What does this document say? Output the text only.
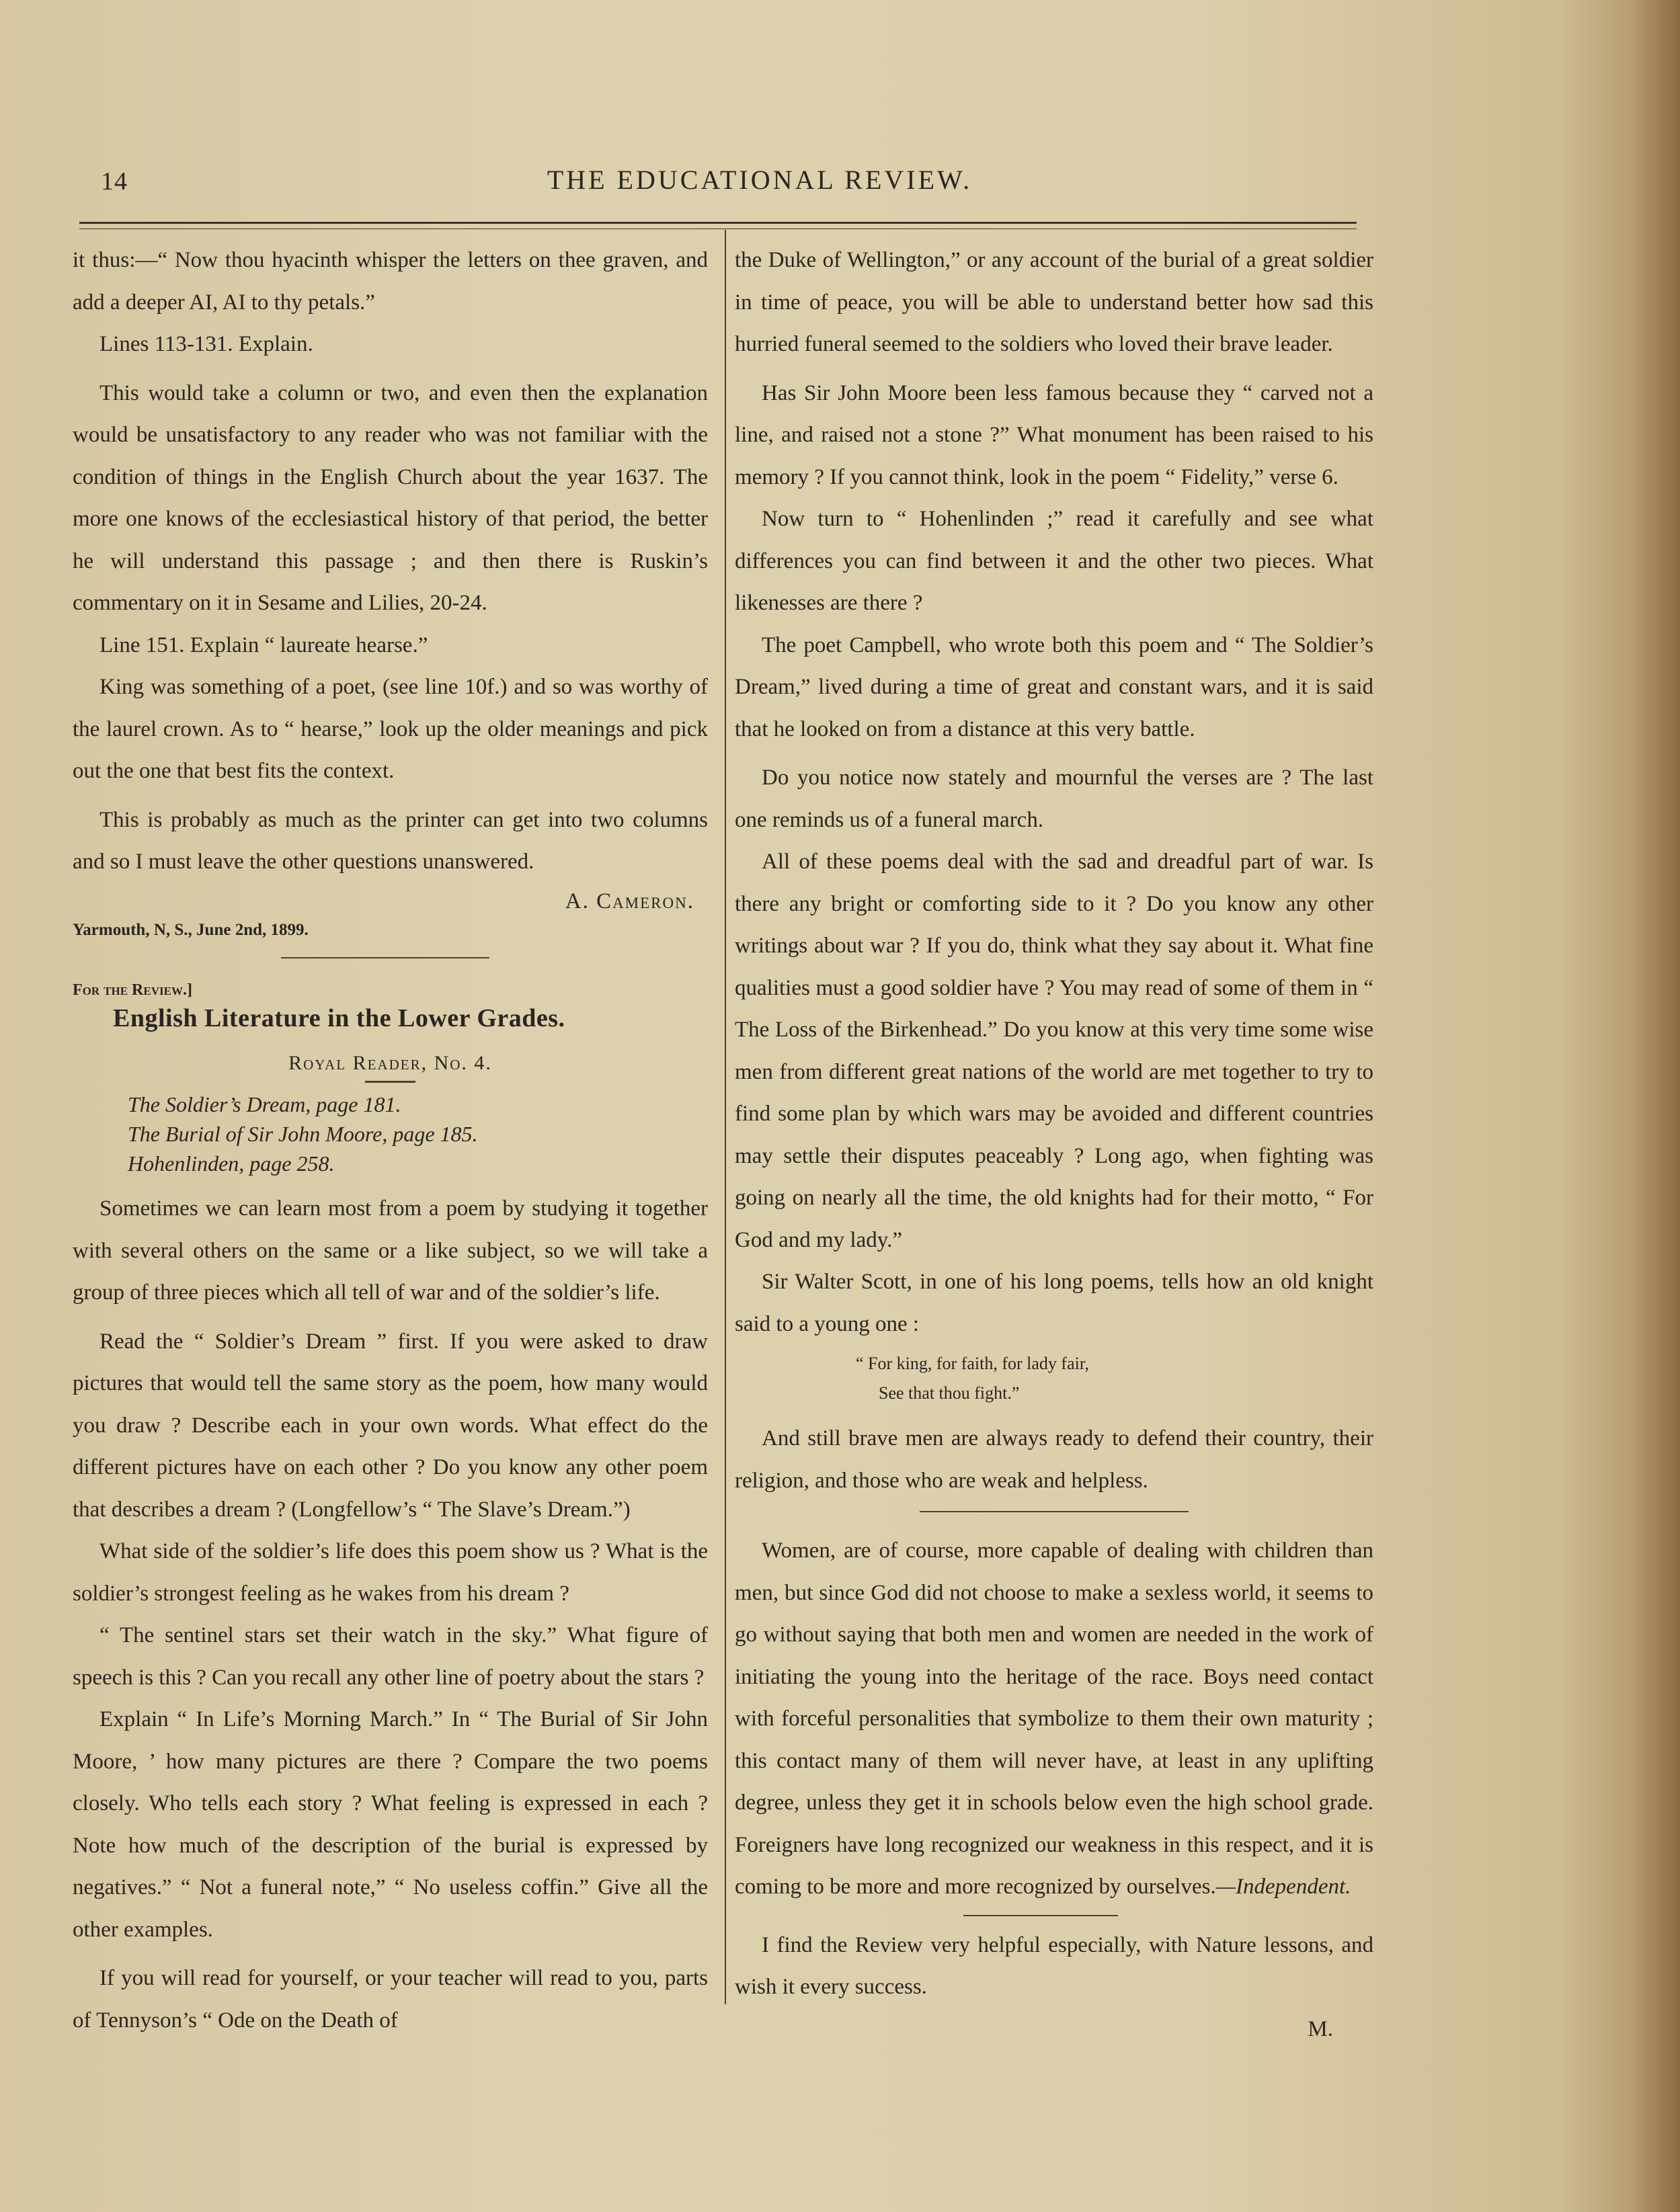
14	THE EDUCATIONAL REVIEW.

it thus:—“ Now thou hyacinth whisper the letters on thee graven, and add a deeper AI, AI to thy petals.”

Lines 113-131. Explain.

This would take a column or two, and even then the explanation would be unsatisfactory to any reader who was not familiar with the condition of things in the English Church about the year 1637. The more one knows of the ecclesiastical history of that period, the better he will understand this passage ; and then there is Ruskin’s commentary on it in Sesame and Lilies, 20-24.

Line 151. Explain “ laureate hearse.”

King was something of a poet, (see line 10f.) and so was worthy of the laurel crown. As to “ hearse,” look up the older meanings and pick out the one that best fits the context.

This is probably as much as the printer can get into two columns and so I must leave the other questions unanswered.

A. Cameron.
Yarmouth, N, S., June 2nd, 1899.
For the Review.]
English Literature in the Lower Grades.
Royal Reader, No. 4.
The Soldier’s Dream, page 181.
The Burial of Sir John Moore, page 185.
Hohenlinden, page 258.

Sometimes we can learn most from a poem by studying it together with several others on the same or a like subject, so we will take a group of three pieces which all tell of war and of the soldier’s life.

Read the “ Soldier’s Dream ” first. If you were asked to draw pictures that would tell the same story as the poem, how many would you draw ? Describe each in your own words. What effect do the different pictures have on each other ? Do you know any other poem that describes a dream ? (Longfellow’s “ The Slave’s Dream.”)

What side of the soldier’s life does this poem show us ? What is the soldier’s strongest feeling as he wakes from his dream ?

“ The sentinel stars set their watch in the sky.” What figure of speech is this ? Can you recall any other line of poetry about the stars ?

Explain “ In Life’s Morning March.” In “ The Burial of Sir John Moore, ’ how many pictures are there ? Compare the two poems closely. Who tells each story ? What feeling is expressed in each ? Note how much of the description of the burial is expressed by negatives.” “ Not a funeral note,” “ No useless coffin.” Give all the other examples.

If you will read for yourself, or your teacher will read to you, parts of Tennyson’s “ Ode on the Death of

the Duke of Wellington,” or any account of the burial of a great soldier in time of peace, you will be able to understand better how sad this hurried funeral seemed to the soldiers who loved their brave leader.

Has Sir John Moore been less famous because they “ carved not a line, and raised not a stone ?” What monument has been raised to his memory ? If you cannot think, look in the poem “ Fidelity,” verse 6.

Now turn to “ Hohenlinden ;” read it carefully and see what differences you can find between it and the other two pieces. What likenesses are there ?

The poet Campbell, who wrote both this poem and “ The Soldier’s Dream,” lived during a time of great and constant wars, and it is said that he looked on from a distance at this very battle.

Do you notice now stately and mournful the verses are ? The last one reminds us of a funeral march.

All of these poems deal with the sad and dreadful part of war. Is there any bright or comforting side to it ? Do you know any other writings about war ? If you do, think what they say about it. What fine qualities must a good soldier have ? You may read of some of them in “ The Loss of the Birkenhead.” Do you know at this very time some wise men from different great nations of the world are met together to try to find some plan by which wars may be avoided and different countries may settle their disputes peaceably ? Long ago, when fighting was going on nearly all the time, the old knights had for their motto, “ For God and my lady.”

Sir Walter Scott, in one of his long poems, tells how an old knight said to a young one :

“ For king, for faith, for lady fair,
See that thou fight.”

And still brave men are always ready to defend their country, their religion, and those who are weak and helpless.

Women, are of course, more capable of dealing with children than men, but since God did not choose to make a sexless world, it seems to go without saying that both men and women are needed in the work of initiating the young into the heritage of the race. Boys need contact with forceful personalities that symbolize to them their own maturity ; this contact many of them will never have, at least in any uplifting degree, unless they get it in schools below even the high school grade. Foreigners have long recognized our weakness in this respect, and it is coming to be more and more recognized by ourselves.—Independent.

I find the Review very helpful especially, with Nature lessons, and wish it every success.

M.
